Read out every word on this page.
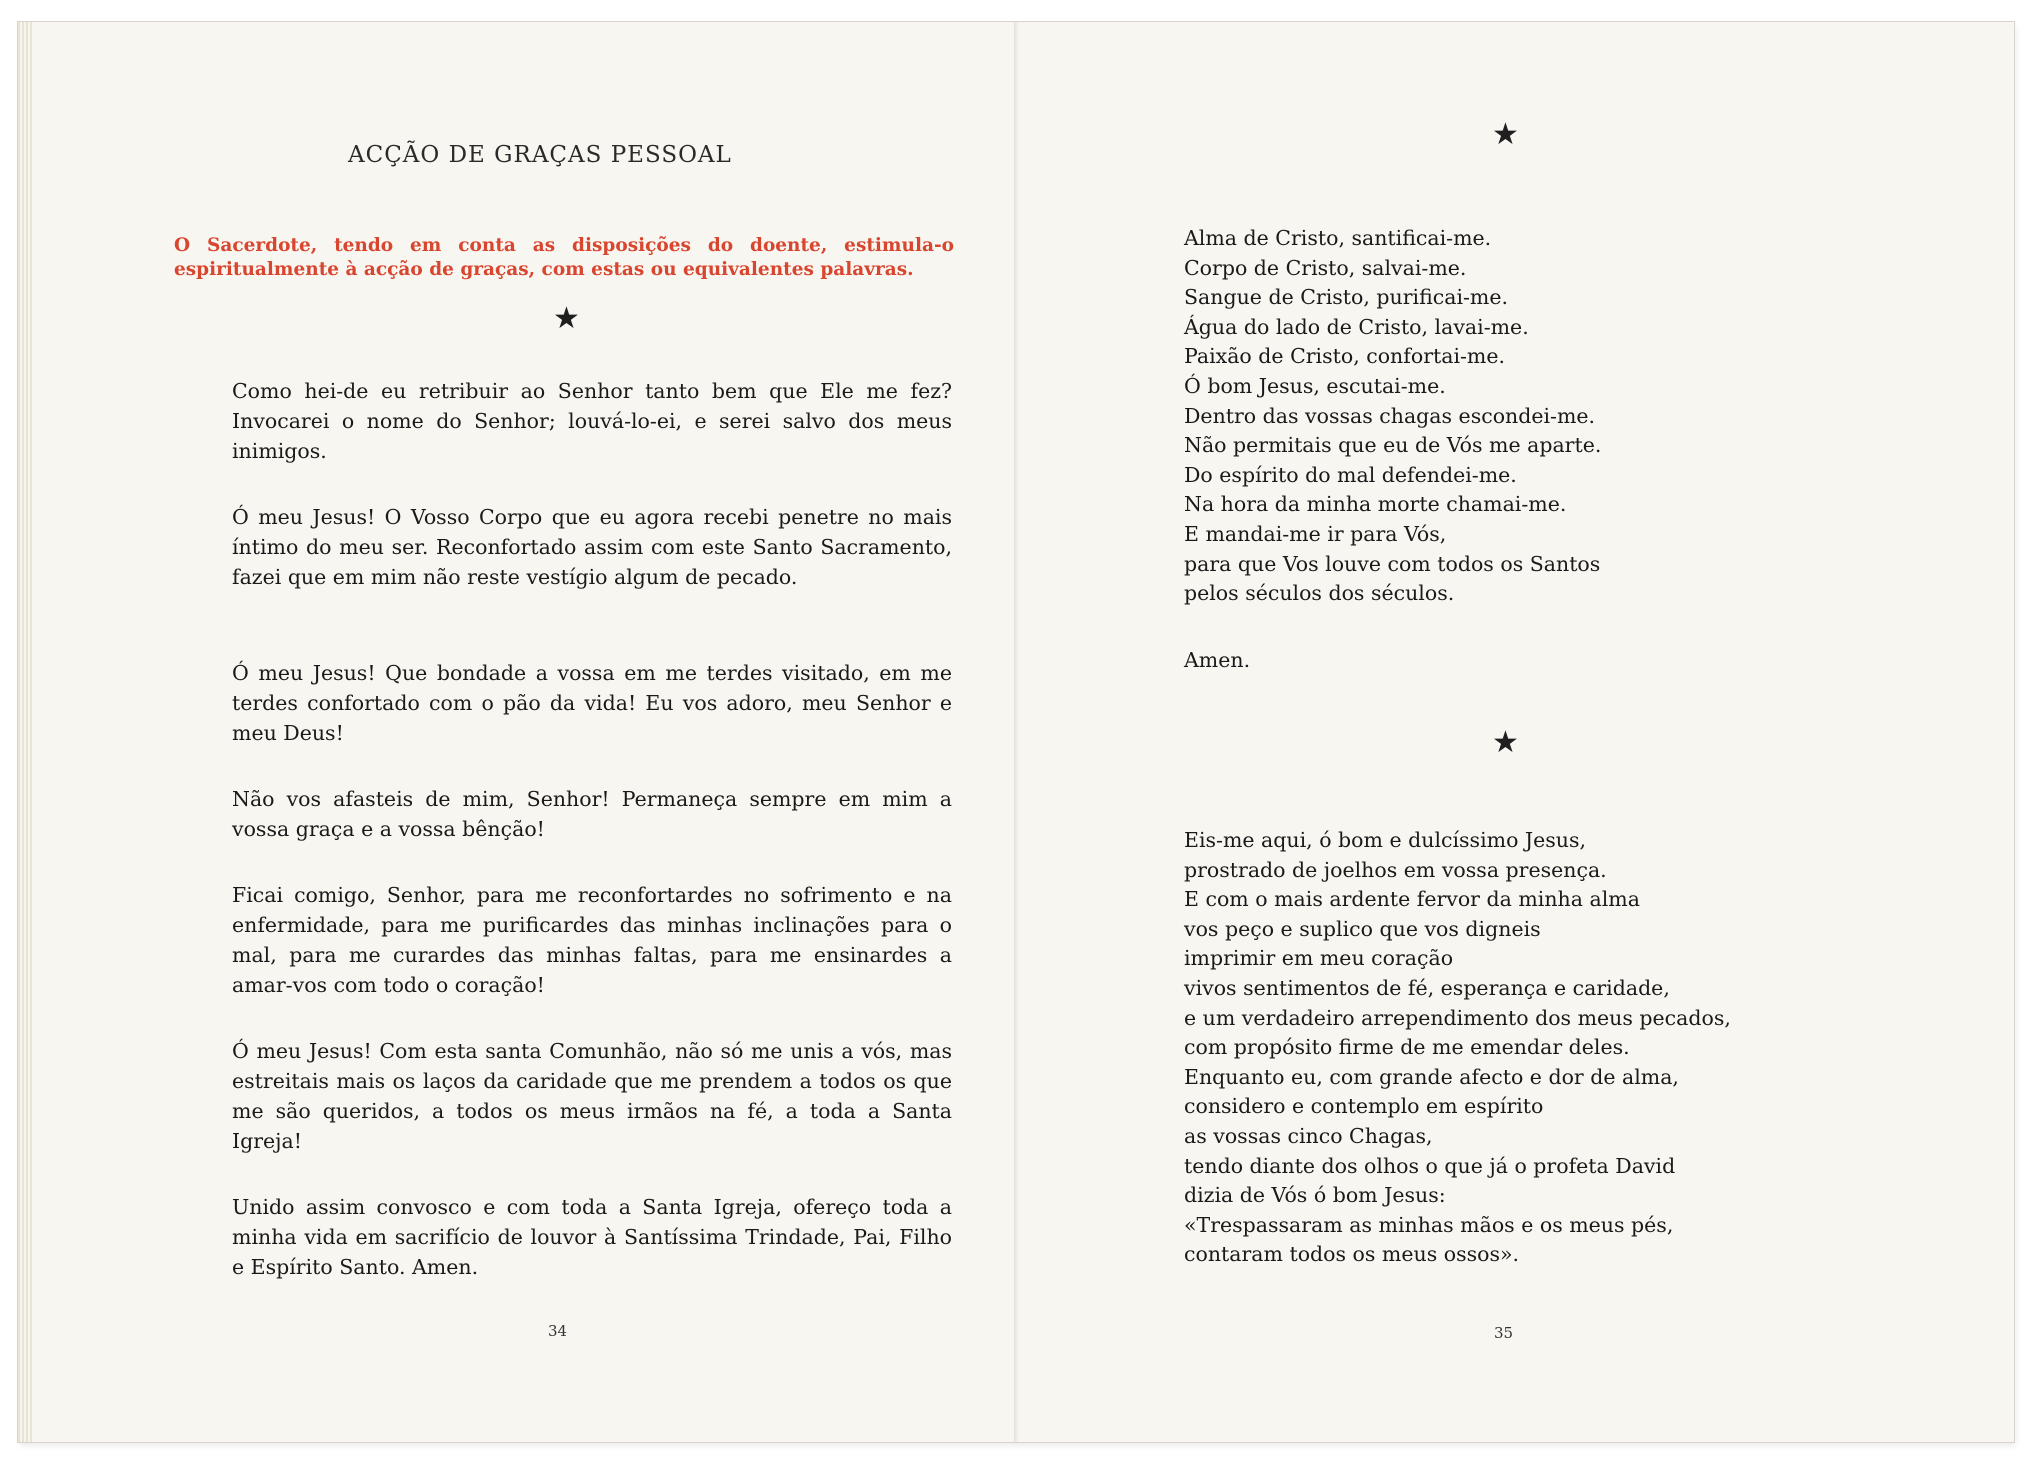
ACÇÃO DE GRAÇAS PESSOAL
O Sacerdote, tendo em conta as disposições do doente, estimula-o espiritualmente à acção de graças, com estas ou equivalentes palavras.
★
Como hei-de eu retribuir ao Senhor tanto bem que Ele me fez? Invocarei o nome do Senhor; louvá-lo-ei, e serei salvo dos meus inimigos.
Ó meu Jesus! O Vosso Corpo que eu agora recebi penetre no mais íntimo do meu ser. Reconfortado assim com este Santo Sacramento, fazei que em mim não reste vestígio algum de pecado.
Ó meu Jesus! Que bondade a vossa em me terdes visitado, em me terdes confortado com o pão da vida! Eu vos adoro, meu Senhor e meu Deus!
Não vos afasteis de mim, Senhor! Permaneça sempre em mim a vossa graça e a vossa bênção!
Ficai comigo, Senhor, para me reconfortardes no sofrimento e na enfermidade, para me purificardes das minhas inclinações para o mal, para me curardes das minhas faltas, para me ensinardes a amar-vos com todo o coração!
Ó meu Jesus! Com esta santa Comunhão, não só me unis a vós, mas estreitais mais os laços da caridade que me prendem a todos os que me são queridos, a todos os meus irmãos na fé, a toda a Santa Igreja!
Unido assim convosco e com toda a Santa Igreja, ofereço toda a minha vida em sacrifício de louvor à Santíssima Trindade, Pai, Filho e Espírito Santo. Amen.
34
★
Alma de Cristo, santificai-me.
Corpo de Cristo, salvai-me.
Sangue de Cristo, purificai-me.
Água do lado de Cristo, lavai-me.
Paixão de Cristo, confortai-me.
Ó bom Jesus, escutai-me.
Dentro das vossas chagas escondei-me.
Não permitais que eu de Vós me aparte.
Do espírito do mal defendei-me.
Na hora da minha morte chamai-me.
E mandai-me ir para Vós,
para que Vos louve com todos os Santos
pelos séculos dos séculos.
Amen.
★
Eis-me aqui, ó bom e dulcíssimo Jesus,
prostrado de joelhos em vossa presença.
E com o mais ardente fervor da minha alma
vos peço e suplico que vos digneis
imprimir em meu coração
vivos sentimentos de fé, esperança e caridade,
e um verdadeiro arrependimento dos meus pecados,
com propósito firme de me emendar deles.
Enquanto eu, com grande afecto e dor de alma,
considero e contemplo em espírito
as vossas cinco Chagas,
tendo diante dos olhos o que já o profeta David
dizia de Vós ó bom Jesus:
«Trespassaram as minhas mãos e os meus pés,
contaram todos os meus ossos».
35
